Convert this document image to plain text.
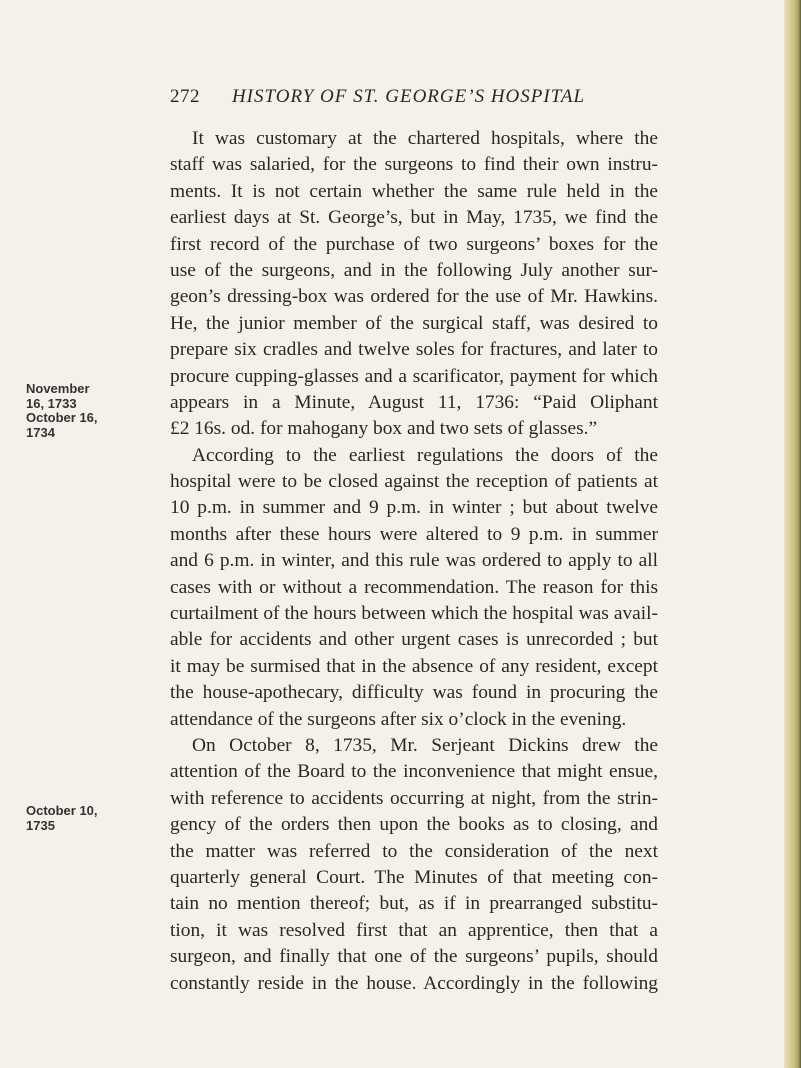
272	HISTORY OF ST. GEORGE’S HOSPITAL
November
16, 1733
October 16,
1734
October 10,
1735
It was customary at the chartered hospitals, where the
staff was salaried, for the surgeons to find their own instru-
ments. It is not certain whether the same rule held in the
earliest days at St. George’s, but in May, 1735, we find the
first record of the purchase of two surgeons’ boxes for the
use of the surgeons, and in the following July another sur-
geon’s dressing-box was ordered for the use of Mr. Hawkins.
He, the junior member of the surgical staff, was desired to
prepare six cradles and twelve soles for fractures, and later to
procure cupping-glasses and a scarificator, payment for which
appears in a Minute, August 11, 1736: “Paid Oliphant
£2 16s. od. for mahogany box and two sets of glasses.”
According to the earliest regulations the doors of the
hospital were to be closed against the reception of patients at
10 p.m. in summer and 9 p.m. in winter ; but about twelve
months after these hours were altered to 9 p.m. in summer
and 6 p.m. in winter, and this rule was ordered to apply to all
cases with or without a recommendation. The reason for this
curtailment of the hours between which the hospital was avail-
able for accidents and other urgent cases is unrecorded ; but
it may be surmised that in the absence of any resident, except
the house-apothecary, difficulty was found in procuring the
attendance of the surgeons after six o’clock in the evening.
On October 8, 1735, Mr. Serjeant Dickins drew the
attention of the Board to the inconvenience that might ensue,
with reference to accidents occurring at night, from the strin-
gency of the orders then upon the books as to closing, and
the matter was referred to the consideration of the next
quarterly general Court. The Minutes of that meeting con-
tain no mention thereof; but, as if in prearranged substitu-
tion, it was resolved first that an apprentice, then that a
surgeon, and finally that one of the surgeons’ pupils, should
constantly reside in the house. Accordingly in the following
